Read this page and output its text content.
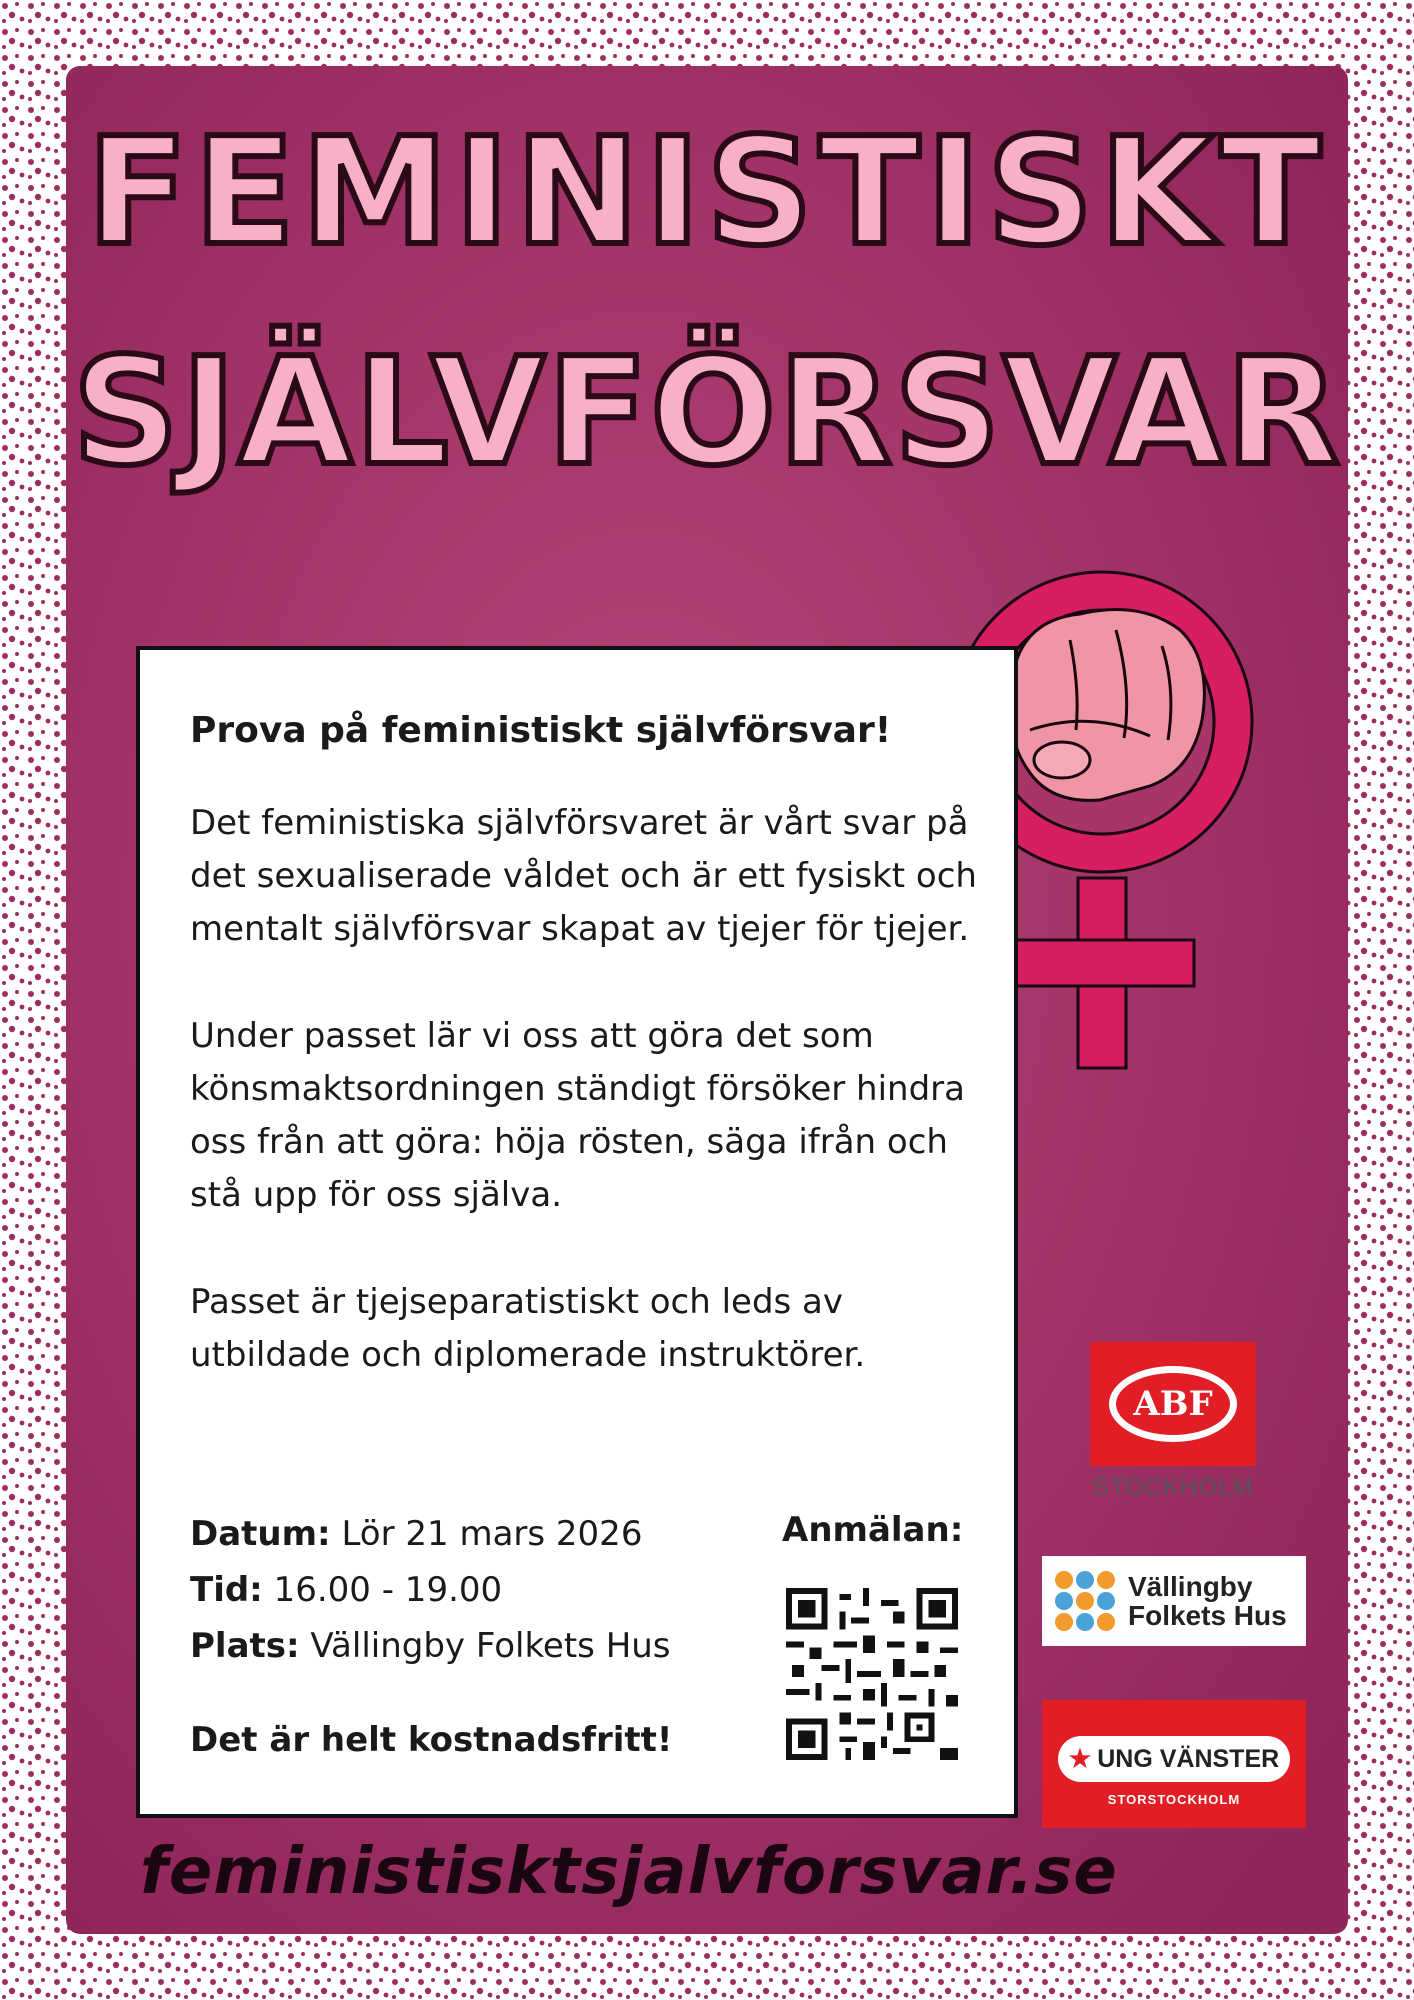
FEMINISTISKT
SJÄLVFÖRSVAR

Prova på feministiskt självförsvar!

Det feministiska självförsvaret är vårt svar på det sexualiserade våldet och är ett fysiskt och mentalt självförsvar skapat av tjejer för tjejer.

Under passet lär vi oss att göra det som könsmaktsordningen ständigt försöker hindra oss från att göra: höja rösten, säga ifrån och stå upp för oss själva.

Passet är tjejseparatistiskt och leds av utbildade och diplomerade instruktörer.

Datum: Lör 21 mars 2026
Tid: 16.00 - 19.00
Plats: Vällingby Folkets Hus
Det är helt kostnadsfritt!
Anmälan:
feministisktsjalvforsvar.se
ABF
STOCKHOLM
Vällingby
Folkets Hus
★ UNG VÄNSTER
STORSTOCKHOLM
